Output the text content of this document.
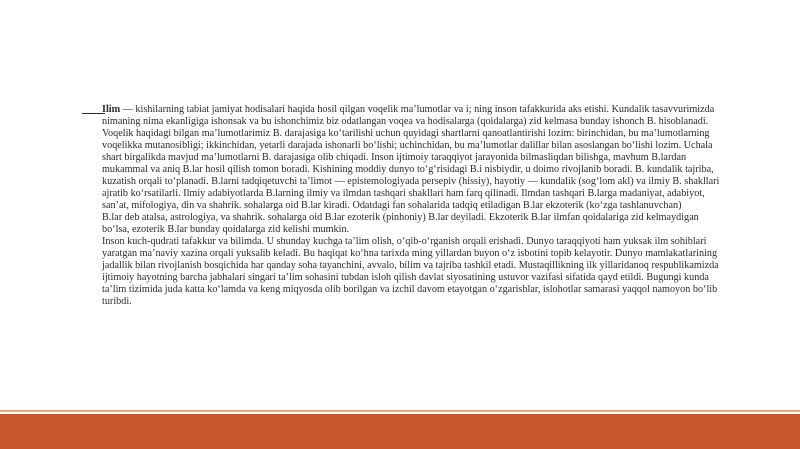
Ilim — kishilarning tabiat jamiyat hodisalari haqida hosil qilgan voqelik ma’lumotlar va i; ning inson tafakkurida aks etishi. Kundalik tasavvurimizda nimaning nima ekanligiga ishonsak va bu ishonchimiz biz odatlangan voqea va hodisalarga (qoidalarga) zid kelmasa bunday ishonch B. hisoblanadi. Voqelik haqidagi bilgan ma’lumotlarimiz B. darajasiga ko‘tarilishi uchun quyidagi shartlarni qanoatlantirishi lozim: birinchidan, bu ma’lumotlarning voqelikka mutanosibligi; ikkinchidan, yetarli darajada ishonarli bo‘lishi; uchinchidan, bu ma’lumotlar dalillar bilan asoslangan bo‘lishi lozim. Uchala shart birgalikda mavjud ma’lumotlarni B. darajasiga olib chiqadi. Inson ijtimoiy taraqqiyot jarayonida bilmasliqdan bilishga, mavhum B.lardan mukammal va aniq B.lar hosil qilish tomon boradi. Kishining moddiy dunyo to‘g‘risidagi B.i nisbiydir, u doimo rivojlanib boradi. B. kundalik tajriba, kuzatish orqali to‘planadi. B.larni tadqiqetuvchi ta’limot — epistemologiyada persepiv (hissiy), hayotiy — kundalik (sog‘lom akl) va ilmiy B. shakllari ajratib ko‘rsatilarli. Ilmiy adabiyotlarda B.larning ilmiy va ilmdan tashqari shakllari ham farq qilinadi. Ilmdan tashqari B.larga madaniyat, adabiyot, san’at, mifologiya, din va shahrik. sohalarga oid B.lar kiradi. Odatdagi fan sohalarida tadqiq etiladigan B.lar ekzoterik (ko‘zga tashlanuvchan)

B.lar deb atalsa, astrologiya, va shahrik. sohalarga oid B.lar ezoterik (pinhoniy) B.lar deyiladi. Ekzoterik B.lar ilmfan qoidalariga zid kelmaydigan bo‘lsa, ezoterik B.lar bunday qoidalarga zid kelishi mumkin.

Inson kuch-qudrati tafakkur va bilimda. U shunday kuchga ta’lim olish, o‘qib-o‘rganish orqali erishadi. Dunyo taraqqiyoti ham yuksak ilm sohiblari yaratgan ma’naviy xazina orqali yuksalib keladi. Bu haqiqat ko‘hna tarixda ming yillardan buyon o‘z isbotini topib kelayotir. Dunyo mamlakatlarining jadallik bilan rivojlanish bosqichida har qanday soha tayanchini, avvalo, bilim va tajriba tashkil etadi. Mustaqillikning ilk yillaridanoq respublikamizda ijtimoiy hayotning barcha jabhalari singari ta’lim sohasini tubdan isloh qilish davlat siyosatining ustuvor vazifasi sifatida qayd etildi. Bugungi kunda ta’lim tizimida juda katta ko‘lamda va keng miqyosda olib borilgan va izchil davom etayotgan o‘zgarishlar, islohotlar samarasi yaqqol namoyon bo‘lib turibdi.
